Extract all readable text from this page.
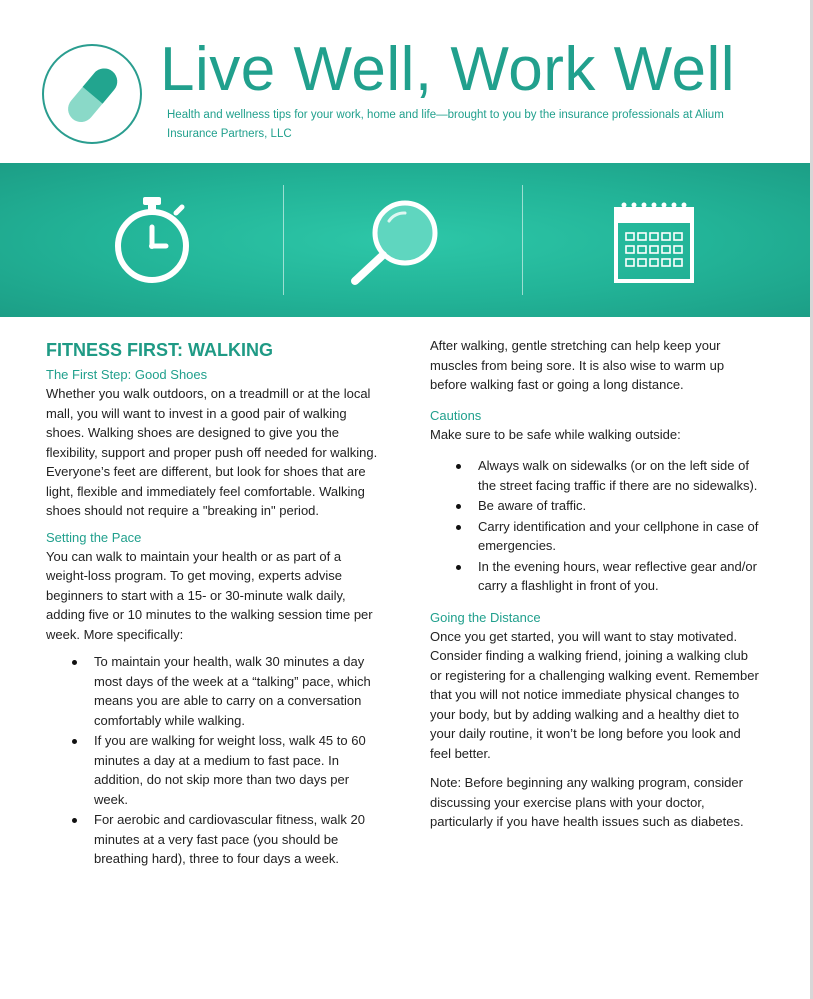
Live Well, Work Well

Health and wellness tips for your work, home and life—brought to you by the insurance professionals at Alium Insurance Partners, LLC

FITNESS FIRST: WALKING
The First Step: Good Shoes

Whether you walk outdoors, on a treadmill or at the local mall, you will want to invest in a good pair of walking shoes. Walking shoes are designed to give you the flexibility, support and proper push off needed for walking. Everyone’s feet are different, but look for shoes that are light, flexible and immediately feel comfortable. Walking shoes should not require a "breaking in" period.

Setting the Pace

You can walk to maintain your health or as part of a weight-loss program. To get moving, experts advise beginners to start with a 15- or 30-minute walk daily, adding five or 10 minutes to the walking session time per week. More specifically:

To maintain your health, walk 30 minutes a day most days of the week at a “talking” pace, which means you are able to carry on a conversation comfortably while walking.
If you are walking for weight loss, walk 45 to 60 minutes a day at a medium to fast pace. In addition, do not skip more than two days per week.
For aerobic and cardiovascular fitness, walk 20 minutes at a very fast pace (you should be breathing hard), three to four days a week.

After walking, gentle stretching can help keep your muscles from being sore. It is also wise to warm up before walking fast or going a long distance.

Cautions

Make sure to be safe while walking outside:

Always walk on sidewalks (or on the left side of the street facing traffic if there are no sidewalks).
Be aware of traffic.
Carry identification and your cellphone in case of emergencies.
In the evening hours, wear reflective gear and/or carry a flashlight in front of you.
Going the Distance

Once you get started, you will want to stay motivated. Consider finding a walking friend, joining a walking club or registering for a challenging walking event. Remember that you will not notice immediate physical changes to your body, but by adding walking and a healthy diet to your daily routine, it won’t be long before you look and feel better.

Note: Before beginning any walking program, consider discussing your exercise plans with your doctor, particularly if you have health issues such as diabetes.
